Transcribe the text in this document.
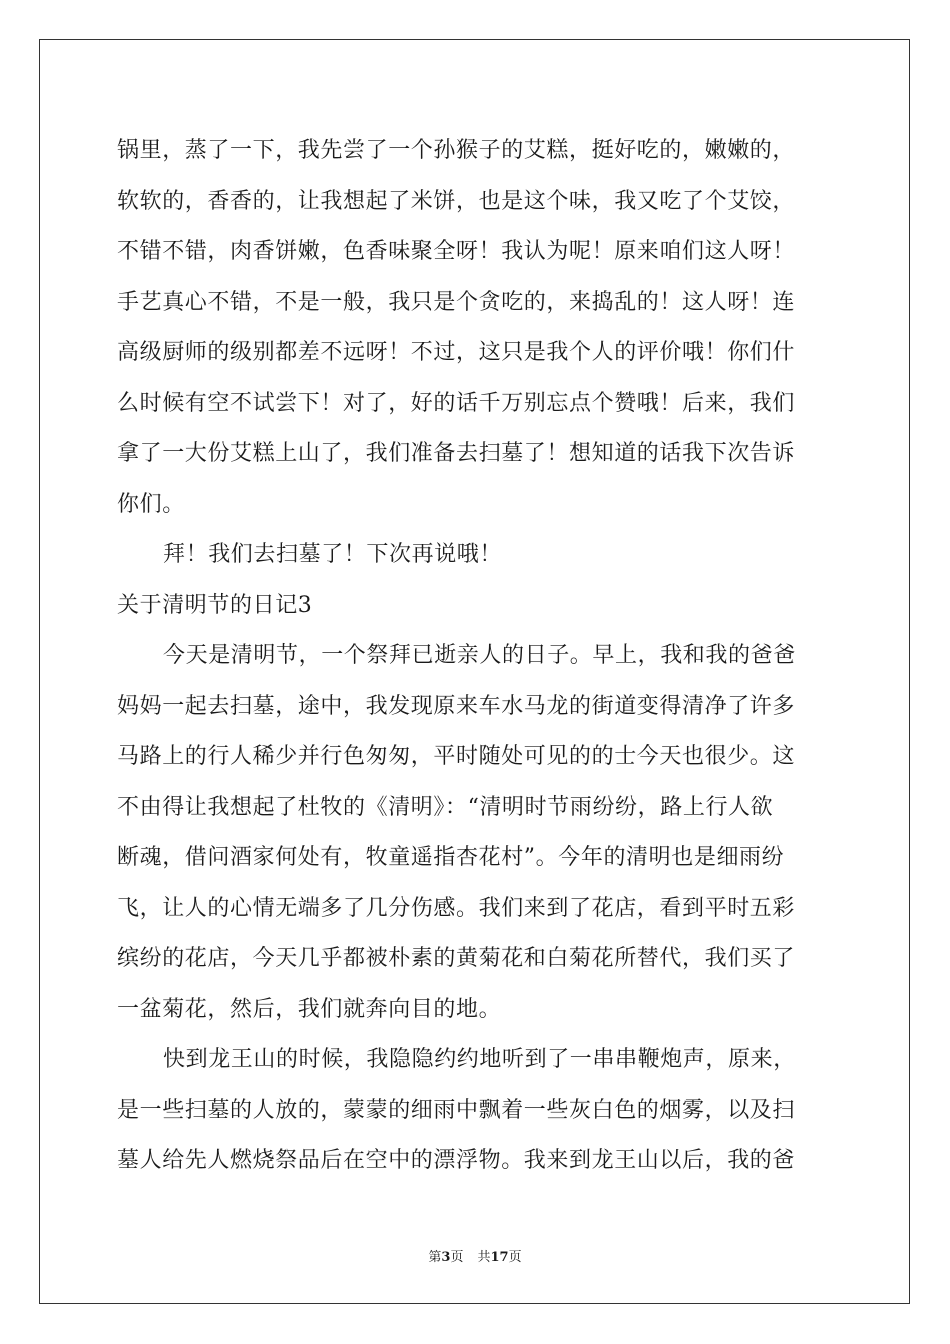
锅里，蒸了一下，我先尝了一个孙猴子的艾糕，挺好吃的，嫩嫩的，
软软的，香香的，让我想起了米饼，也是这个味，我又吃了个艾饺，
不错不错，肉香饼嫩，色香味聚全呀！我认为呢！原来咱们这人呀！
手艺真心不错，不是一般，我只是个贪吃的，来捣乱的！这人呀！连
高级厨师的级别都差不远呀！不过，这只是我个人的评价哦！你们什
么时候有空不试尝下！对了，好的话千万别忘点个赞哦！后来，我们
拿了一大份艾糕上山了，我们准备去扫墓了！想知道的话我下次告诉
你们。
拜！我们去扫墓了！下次再说哦！
关于清明节的日记3
今天是清明节，一个祭拜已逝亲人的日子。早上，我和我的爸爸
妈妈一起去扫墓，途中，我发现原来车水马龙的街道变得清净了许多
马路上的行人稀少并行色匆匆，平时随处可见的的士今天也很少。这
不由得让我想起了杜牧的《清明》：“清明时节雨纷纷，路上行人欲
断魂，借问酒家何处有，牧童遥指杏花村”。今年的清明也是细雨纷
飞，让人的心情无端多了几分伤感。我们来到了花店，看到平时五彩
缤纷的花店，今天几乎都被朴素的黄菊花和白菊花所替代，我们买了
一盆菊花，然后，我们就奔向目的地。
快到龙王山的时候，我隐隐约约地听到了一串串鞭炮声，原来，
是一些扫墓的人放的，蒙蒙的细雨中飘着一些灰白色的烟雾，以及扫
墓人给先人燃烧祭品后在空中的漂浮物。我来到龙王山以后，我的爸
第3页 共17页
